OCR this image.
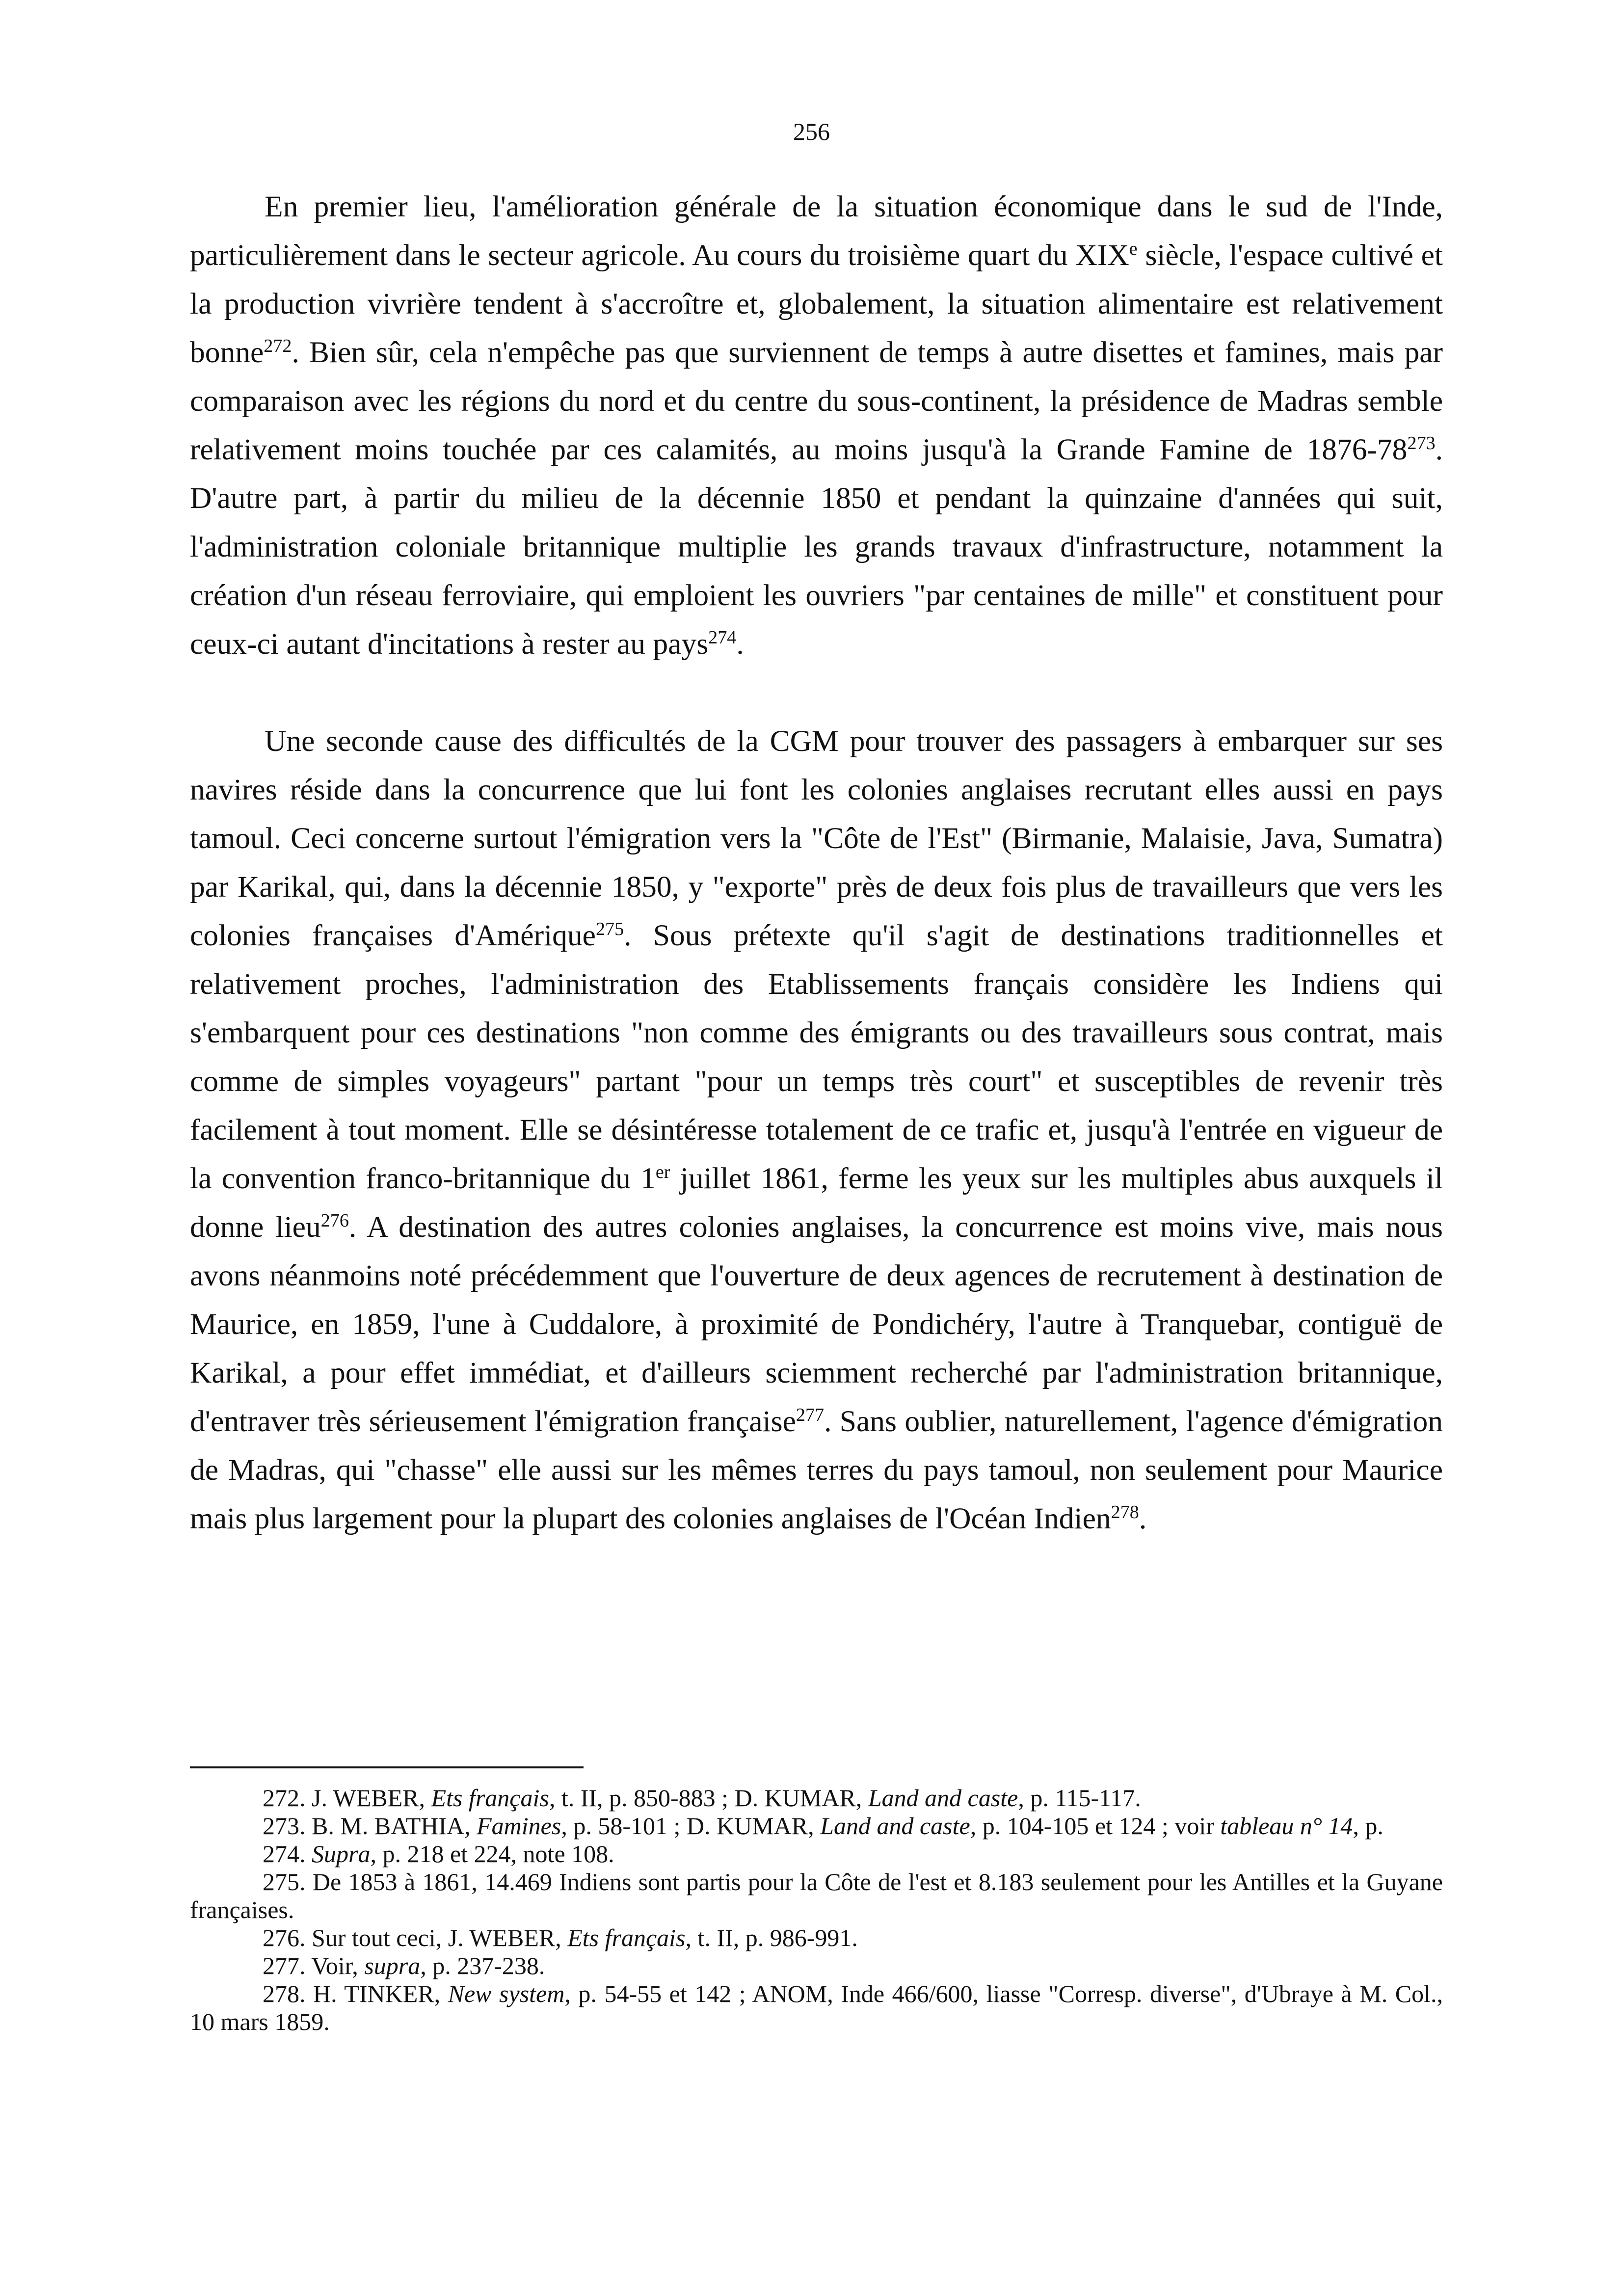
256

En premier lieu, l'amélioration générale de la situation économique dans le sud de l'Inde, particulièrement dans le secteur agricole. Au cours du troisième quart du XIXe siècle, l'espace cultivé et la production vivrière tendent à s'accroître et, globalement, la situation alimentaire est relativement bonne$^{272}$. Bien sûr, cela n'empêche pas que surviennent de temps à autre disettes et famines, mais par comparaison avec les régions du nord et du centre du sous-continent, la présidence de Madras semble relativement moins touchée par ces calamités, au moins jusqu'à la Grande Famine de $1876-78^{273}$. D'autre part, à partir du milieu de la décennie 1850 et pendant la quinzaine d'années qui suit, l'administration coloniale britannique multiplie les grands travaux d'infrastructure, notamment la création d'un réseau ferroviaire, qui emploient les ouvriers "par centaines de mille" et constituent pour ceux-ci autant d'incitations à rester au pays$^{274}$.

Une seconde cause des difficultés de la CGM pour trouver des passagers à embarquer sur ses navires réside dans la concurrence que lui font les colonies anglaises recrutant elles aussi en pays tamoul. Ceci concerne surtout l'émigration vers la "Côte de l'Est" (Birmanie, Malaisie, Java, Sumatra) par Karikal, qui, dans la décennie 1850, y "exporte" près de deux fois plus de travailleurs que vers les colonies françaises d'Amérique$^{275}$. Sous prétexte qu'il s'agit de destinations traditionnelles et relativement proches, l'administration des Etablissements français considère les Indiens qui s'embarquent pour ces destinations "non comme des émigrants ou des travailleurs sous contrat, mais comme de simples voyageurs" partant "pour un temps très court" et susceptibles de revenir très facilement à tout moment. Elle se désintéresse totalement de ce trafic et, jusqu'à l'entrée en vigueur de la convention franco-britannique du 1er juillet 1861, ferme les yeux sur les multiples abus auxquels il donne lieu$^{276}$. A destination des autres colonies anglaises, la concurrence est moins vive, mais nous avons néanmoins noté précédemment que l'ouverture de deux agences de recrutement à destination de Maurice, en 1859, l'une à Cuddalore, à proximité de Pondichéry, l'autre à Tranquebar, contiguë de Karikal, a pour effet immédiat, et d'ailleurs sciemment recherché par l'administration britannique, d'entraver très sérieusement l'émigration française$^{277}$. Sans oublier, naturellement, l'agence d'émigration de Madras, qui "chasse" elle aussi sur les mêmes terres du pays tamoul, non seulement pour Maurice mais plus largement pour la plupart des colonies anglaises de l'Océan Indien$^{278}$.

272. J. WEBER, Ets français, t. II, p. 850-883 ; D. KUMAR, Land and caste, p. 115-117.

273. B. M. BATHIA, Famines, p. 58-101 ; D. KUMAR, Land and caste, p. 104-105 et 124 ; voir tableau n° 14, p.

274. Supra, p. 218 et 224, note 108.

275. De 1853 à 1861, 14.469 Indiens sont partis pour la Côte de l'est et 8.183 seulement pour les Antilles et la Guyane françaises.

276. Sur tout ceci, J. WEBER, Ets français, t. II, p. 986-991.

277. Voir, supra, p. 237-238.

278. H. TINKER, New system, p. 54-55 et 142 ; ANOM, Inde 466/600, liasse "Corresp. diverse", d'Ubraye à M. Col., 10 mars 1859.
